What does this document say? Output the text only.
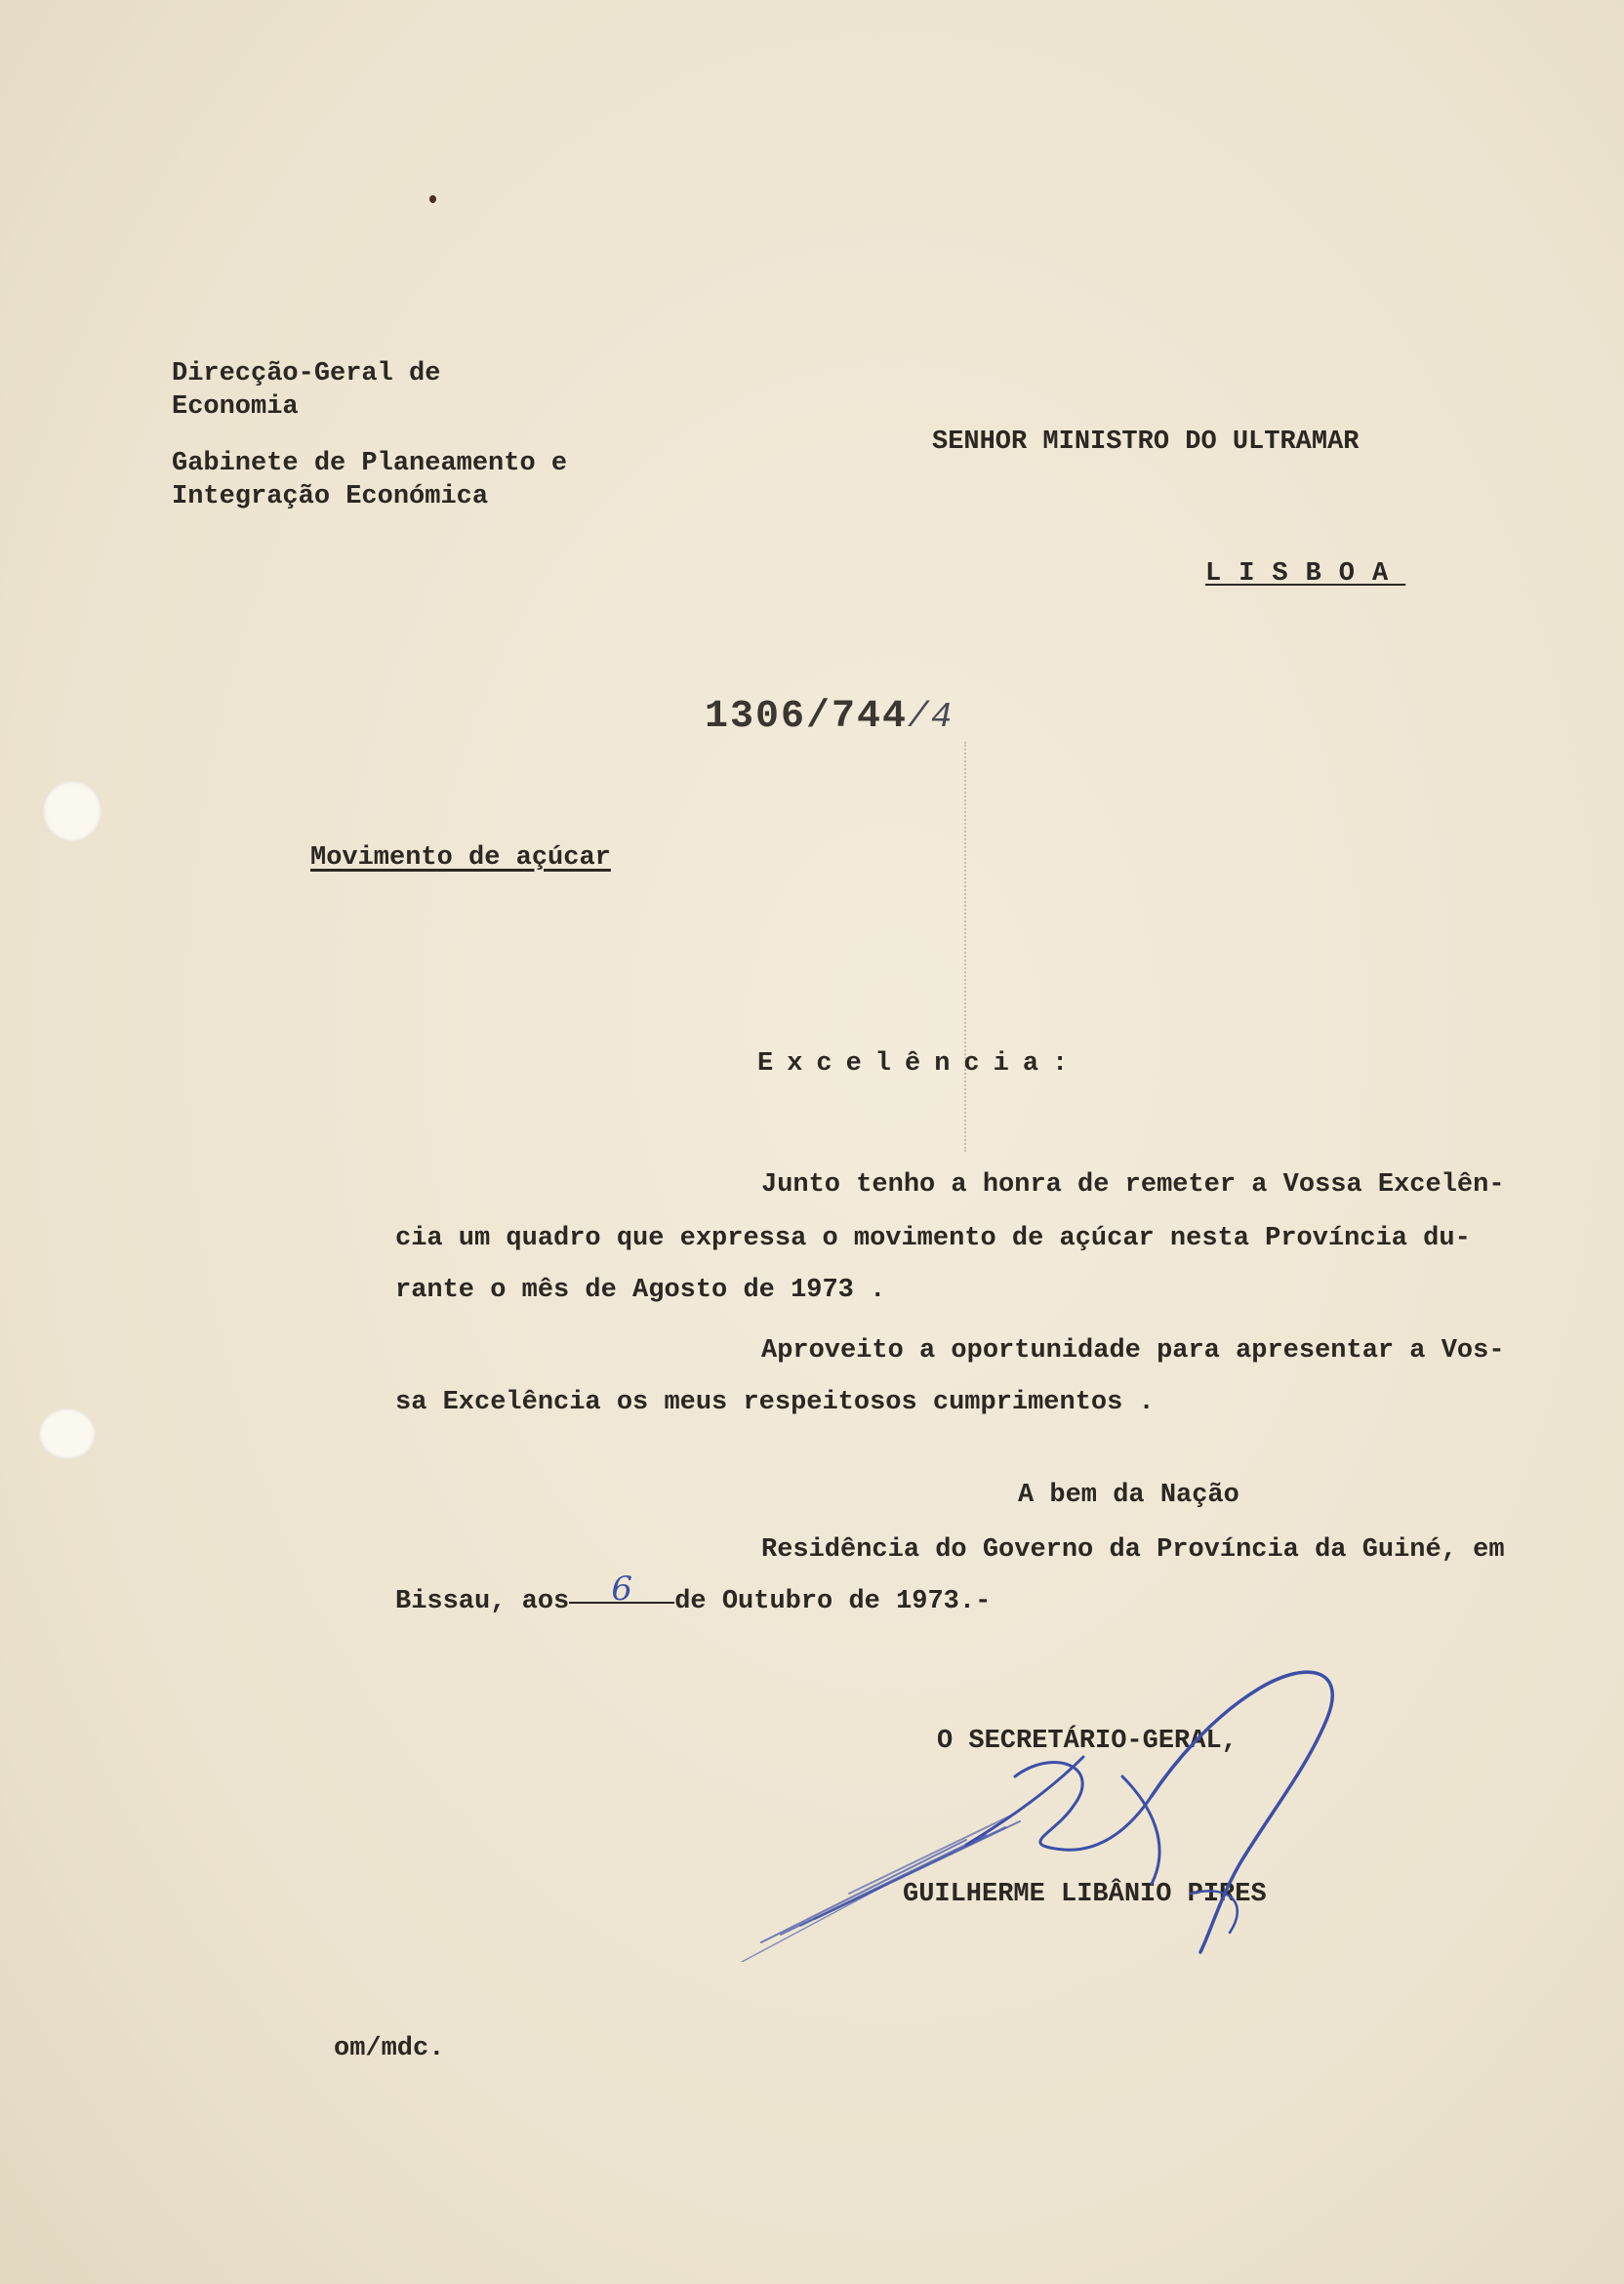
Direcção-Geral de
Economia
Gabinete de Planeamento e
Integração Económica
SENHOR MINISTRO DO ULTRAMAR
LISBOA
1306/744/4
Movimento de açúcar
Excelência:
Junto tenho a honra de remeter a Vossa Excelên-
cia um quadro que expressa o movimento de açúcar nesta Província du-
rante o mês de Agosto de 1973 .
Aproveito a oportunidade para apresentar a Vos-
sa Excelência os meus respeitosos cumprimentos .
A bem da Nação
Residência do Governo da Província da Guiné, em
Bissau, aos 6 de Outubro de 1973.-
O SECRETÁRIO-GERAL,
GUILHERME LIBÂNIO PIRES
om/mdc.
